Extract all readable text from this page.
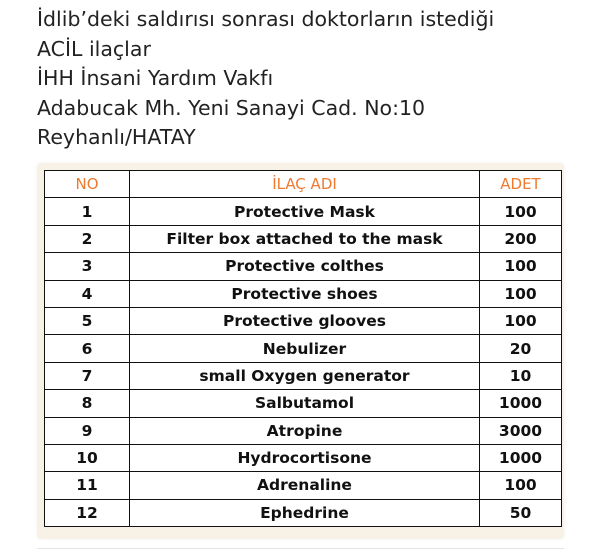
İdlib’deki saldırısı sonrası doktorların istediği
ACİL ilaçlar
İHH İnsani Yardım Vakfı
Adabucak Mh. Yeni Sanayi Cad. No:10
Reyhanlı/HATAY
NO	İLAÇ ADI	ADET
1	Protective Mask	100
2	Filter box attached to the mask	200
3	Protective colthes	100
4	Protective shoes	100
5	Protective glooves	100
6	Nebulizer	20
7	small Oxygen generator	10
8	Salbutamol	1000
9	Atropine	3000
10	Hydrocortisone	1000
11	Adrenaline	100
12	Ephedrine	50
